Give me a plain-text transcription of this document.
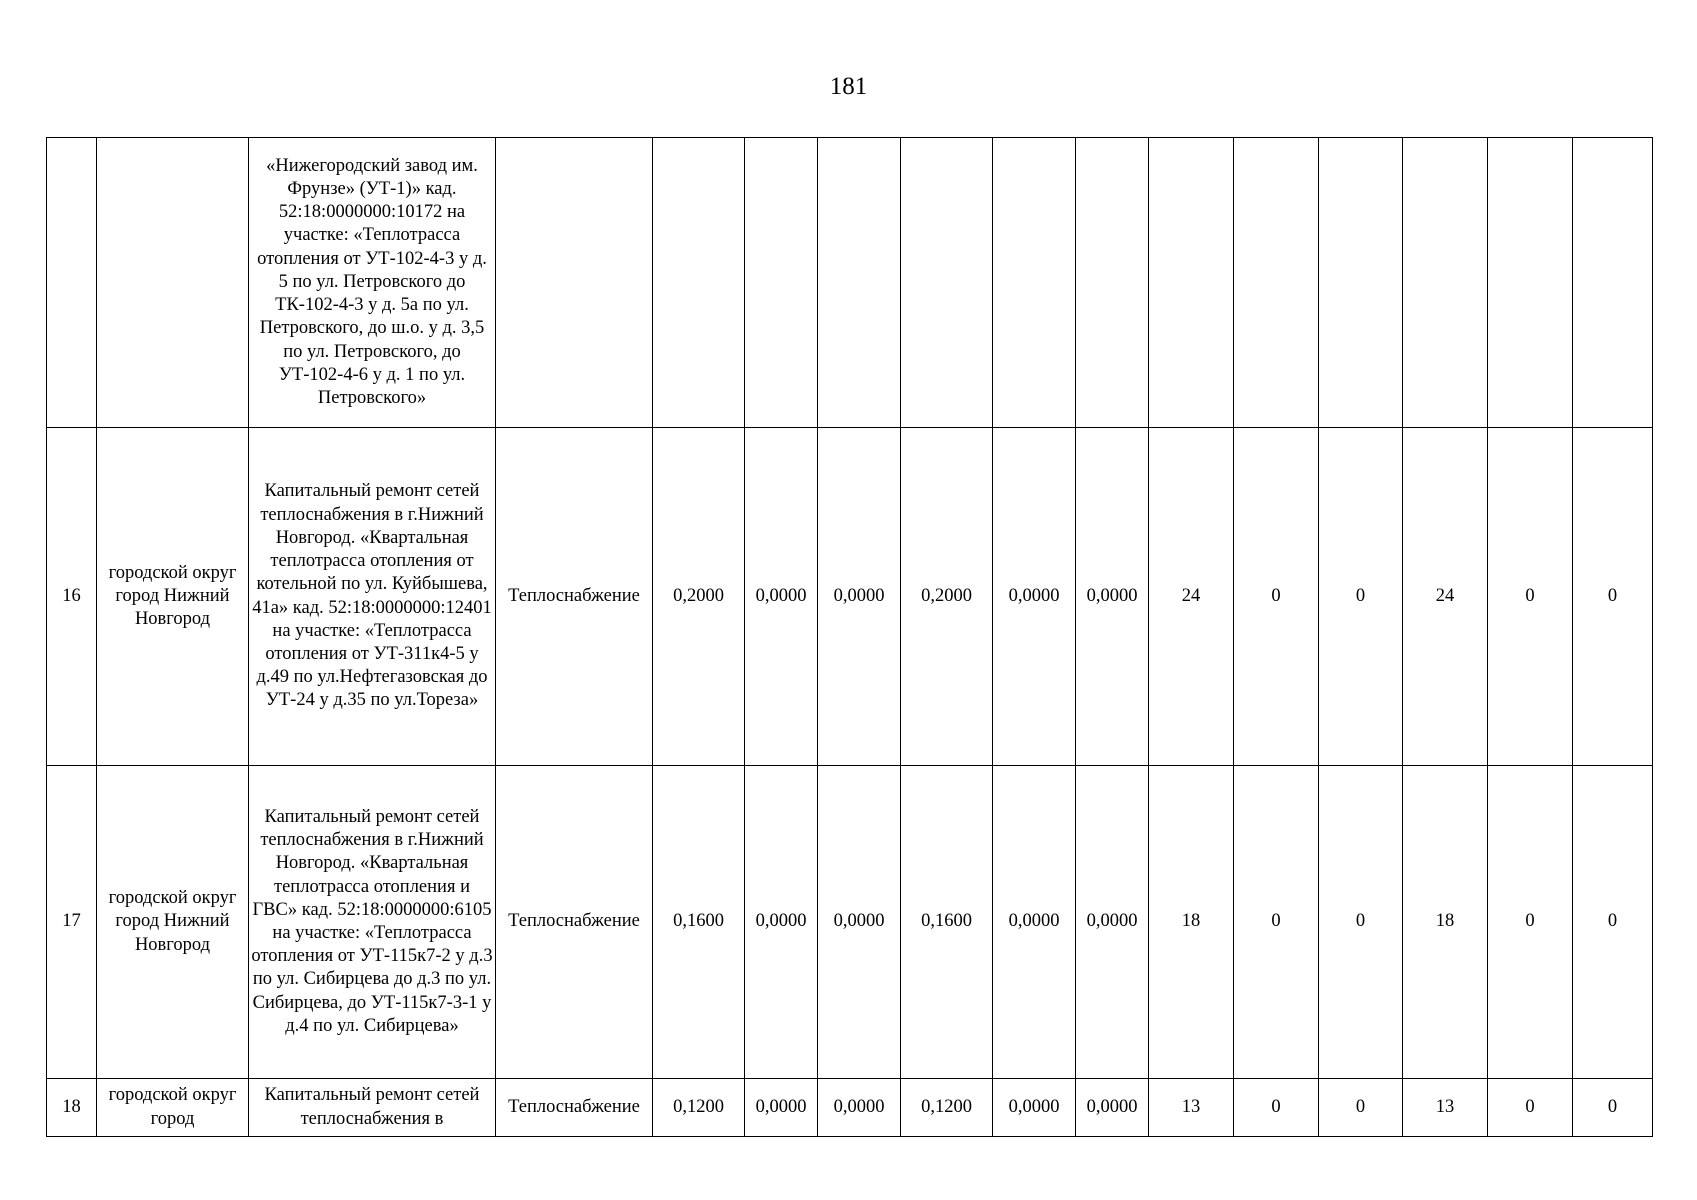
181
		«Нижегородский завод им. Фрунзе» (УТ-1)» кад. 52:18:0000000:10172 на участке: «Теплотрасса отопления от УТ-102-4-3 у д. 5 по ул. Петровского до ТК-102-4-3 у д. 5а по ул. Петровского, до ш.о. у д. 3,5 по ул. Петровского, до УТ-102-4-6 у д. 1 по ул. Петровского»													
16	городской округ город Нижний Новгород	Капитальный ремонт сетей теплоснабжения в г.Нижний Новгород. «Квартальная теплотрасса отопления от котельной по ул. Куйбышева, 41а» кад. 52:18:0000000:12401 на участке: «Теплотрасса отопления от УТ-311к4-5 у д.49 по ул.Нефтегазовская до УТ-24 у д.35 по ул.Тореза»	Теплоснабжение	0,2000	0,0000	0,0000	0,2000	0,0000	0,0000	24	0	0	24	0	0
17	городской округ город Нижний Новгород	Капитальный ремонт сетей теплоснабжения в г.Нижний Новгород. «Квартальная теплотрасса отопления и ГВС» кад. 52:18:0000000:6105 на участке: «Теплотрасса отопления от УТ-115к7-2 у д.3 по ул. Сибирцева до д.3 по ул. Сибирцева, до УТ-115к7-3-1 у д.4 по ул. Сибирцева»	Теплоснабжение	0,1600	0,0000	0,0000	0,1600	0,0000	0,0000	18	0	0	18	0	0
18	городской округ город	Капитальный ремонт сетей теплоснабжения в	Теплоснабжение	0,1200	0,0000	0,0000	0,1200	0,0000	0,0000	13	0	0	13	0	0
